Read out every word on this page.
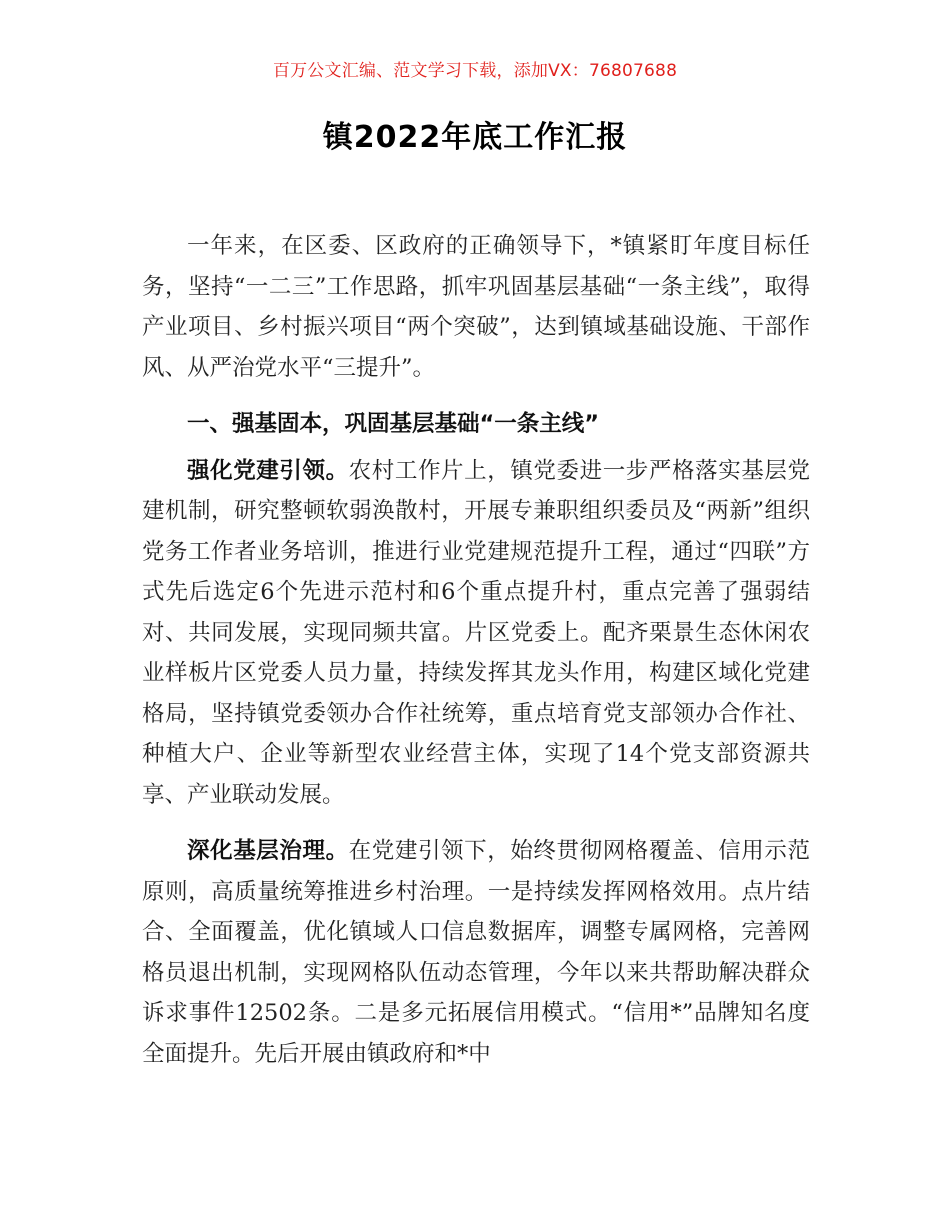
百万公文汇编、范文学习下载，添加VX：76807688
镇2022年底工作汇报

一年来，在区委、区政府的正确领导下，*镇紧盯年度目标任务，坚持“一二三”工作思路，抓牢巩固基层基础“一条主线”，取得产业项目、乡村振兴项目“两个突破”，达到镇域基础设施、干部作风、从严治党水平“三提升”。

一、强基固本，巩固基层基础“一条主线”

强化党建引领。农村工作片上，镇党委进一步严格落实基层党建机制，研究整顿软弱涣散村，开展专兼职组织委员及“两新”组织党务工作者业务培训，推进行业党建规范提升工程，通过“四联”方式先后选定6个先进示范村和6个重点提升村，重点完善了强弱结对、共同发展，实现同频共富。片区党委上。配齐栗景生态休闲农业样板片区党委人员力量，持续发挥其龙头作用，构建区域化党建格局，坚持镇党委领办合作社统筹，重点培育党支部领办合作社、种植大户、企业等新型农业经营主体，实现了14个党支部资源共享、产业联动发展。

深化基层治理。在党建引领下，始终贯彻网格覆盖、信用示范原则，高质量统筹推进乡村治理。一是持续发挥网格效用。点片结合、全面覆盖，优化镇域人口信息数据库，调整专属网格，完善网格员退出机制，实现网格队伍动态管理，今年以来共帮助解决群众诉求事件12502条。二是多元拓展信用模式。“信用*”品牌知名度全面提升。先后开展由镇政府和*中
